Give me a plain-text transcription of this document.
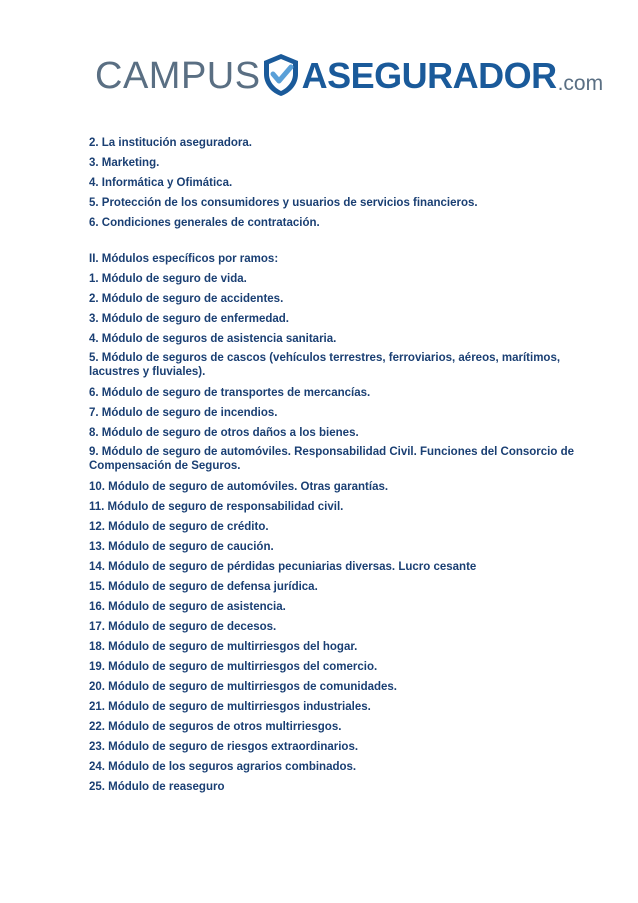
CAMPUS ASEGURADOR .com
2. La institución aseguradora.
3. Marketing.
4. Informática y Ofimática.
5. Protección de los consumidores y usuarios de servicios financieros.
6. Condiciones generales de contratación.
II. Módulos específicos por ramos:
1. Módulo de seguro de vida.
2. Módulo de seguro de accidentes.
3. Módulo de seguro de enfermedad.
4. Módulo de seguros de asistencia sanitaria.
5. Módulo de seguros de cascos (vehículos terrestres, ferroviarios, aéreos, marítimos, lacustres y fluviales).
6. Módulo de seguro de transportes de mercancías.
7. Módulo de seguro de incendios.
8. Módulo de seguro de otros daños a los bienes.
9. Módulo de seguro de automóviles. Responsabilidad Civil. Funciones del Consorcio de Compensación de Seguros.
10. Módulo de seguro de automóviles. Otras garantías.
11. Módulo de seguro de responsabilidad civil.
12. Módulo de seguro de crédito.
13. Módulo de seguro de caución.
14. Módulo de seguro de pérdidas pecuniarias diversas. Lucro cesante
15. Módulo de seguro de defensa jurídica.
16. Módulo de seguro de asistencia.
17. Módulo de seguro de decesos.
18. Módulo de seguro de multirriesgos del hogar.
19. Módulo de seguro de multirriesgos del comercio.
20. Módulo de seguro de multirriesgos de comunidades.
21. Módulo de seguro de multirriesgos industriales.
22. Módulo de seguros de otros multirriesgos.
23. Módulo de seguro de riesgos extraordinarios.
24. Módulo de los seguros agrarios combinados.
25. Módulo de reaseguro
